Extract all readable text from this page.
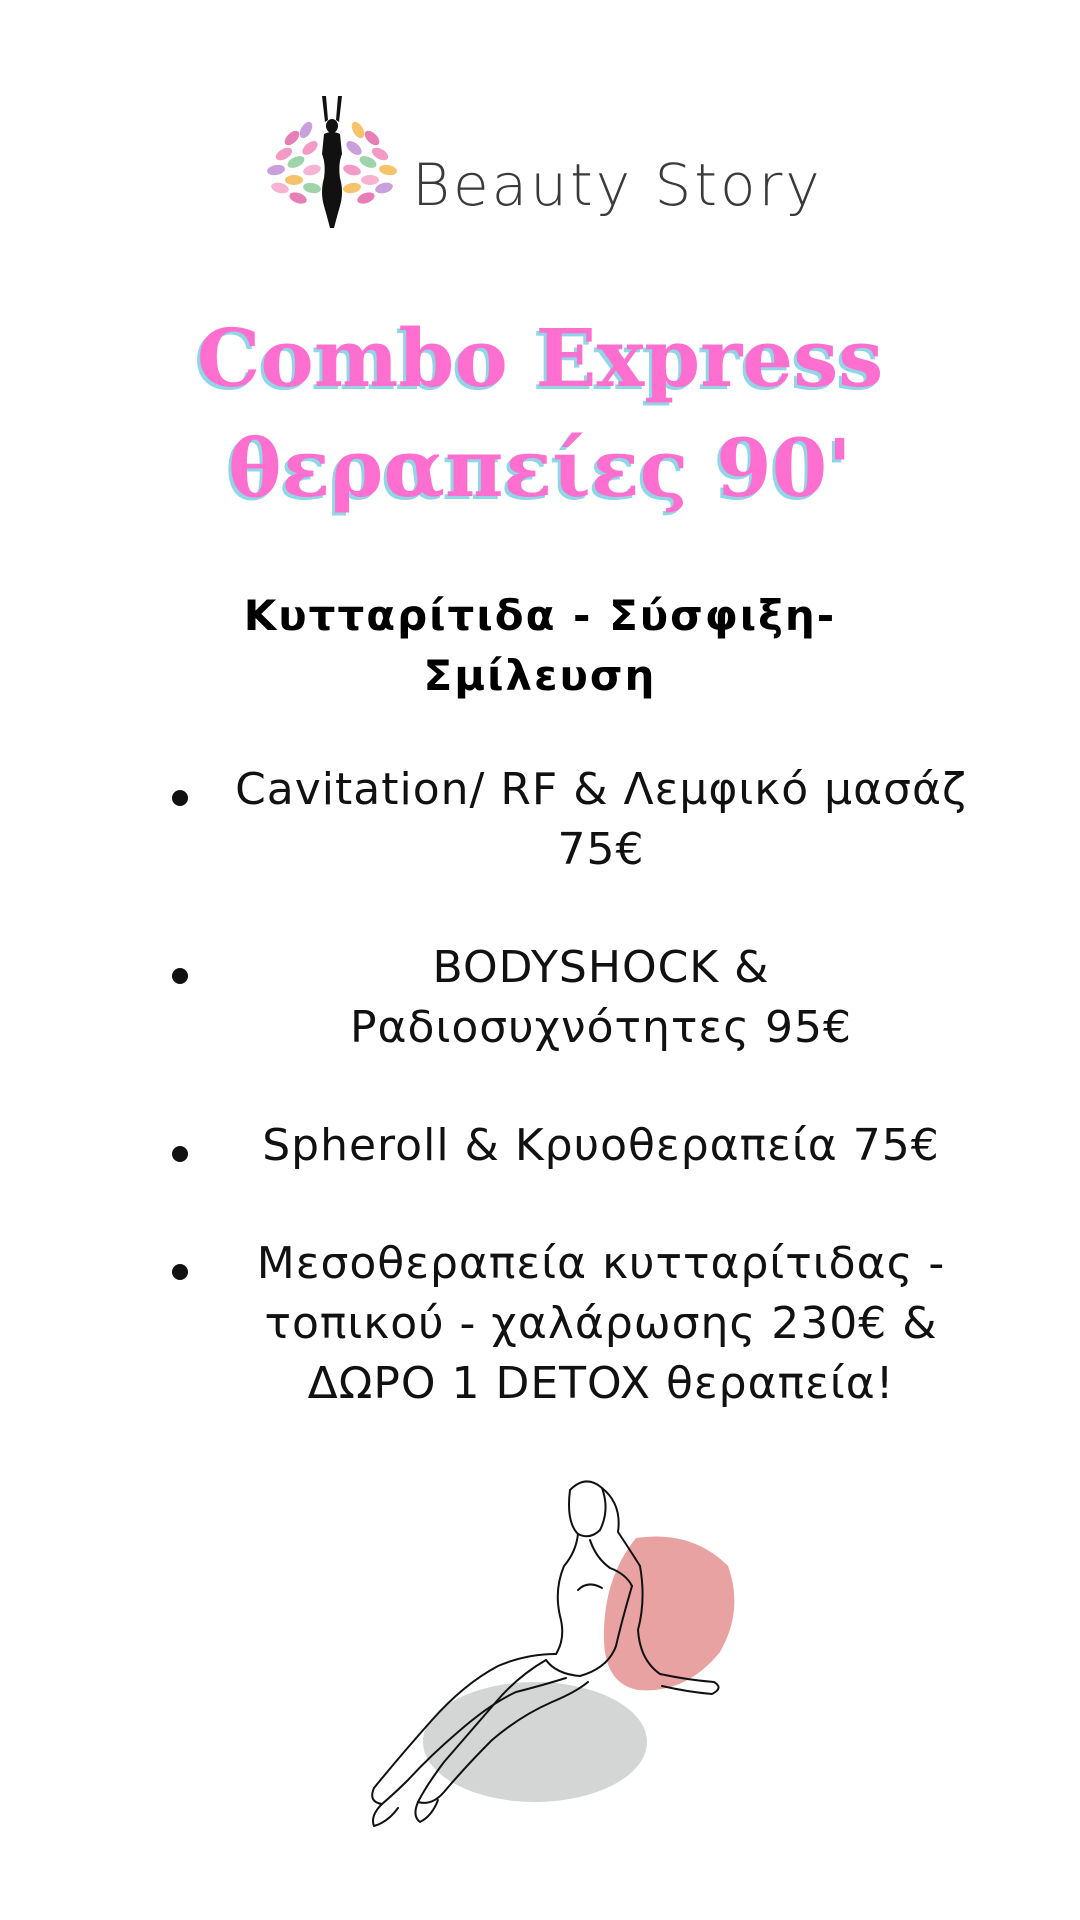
Beauty Story
Combo Express
θεραπείες 90'
Κυτταρίτιδα - Σύσφιξη- Σμίλευση
Cavitation/ RF & Λεμφικό μασάζ 75€
BODYSHOCK & Ραδιοσυχνότητες 95€
Spheroll & Κρυοθεραπεία 75€
Μεσοθεραπεία κυτταρίτιδας - τοπικού - χαλάρωσης 230€ & ΔΩΡΟ 1 DETOX θεραπεία!
